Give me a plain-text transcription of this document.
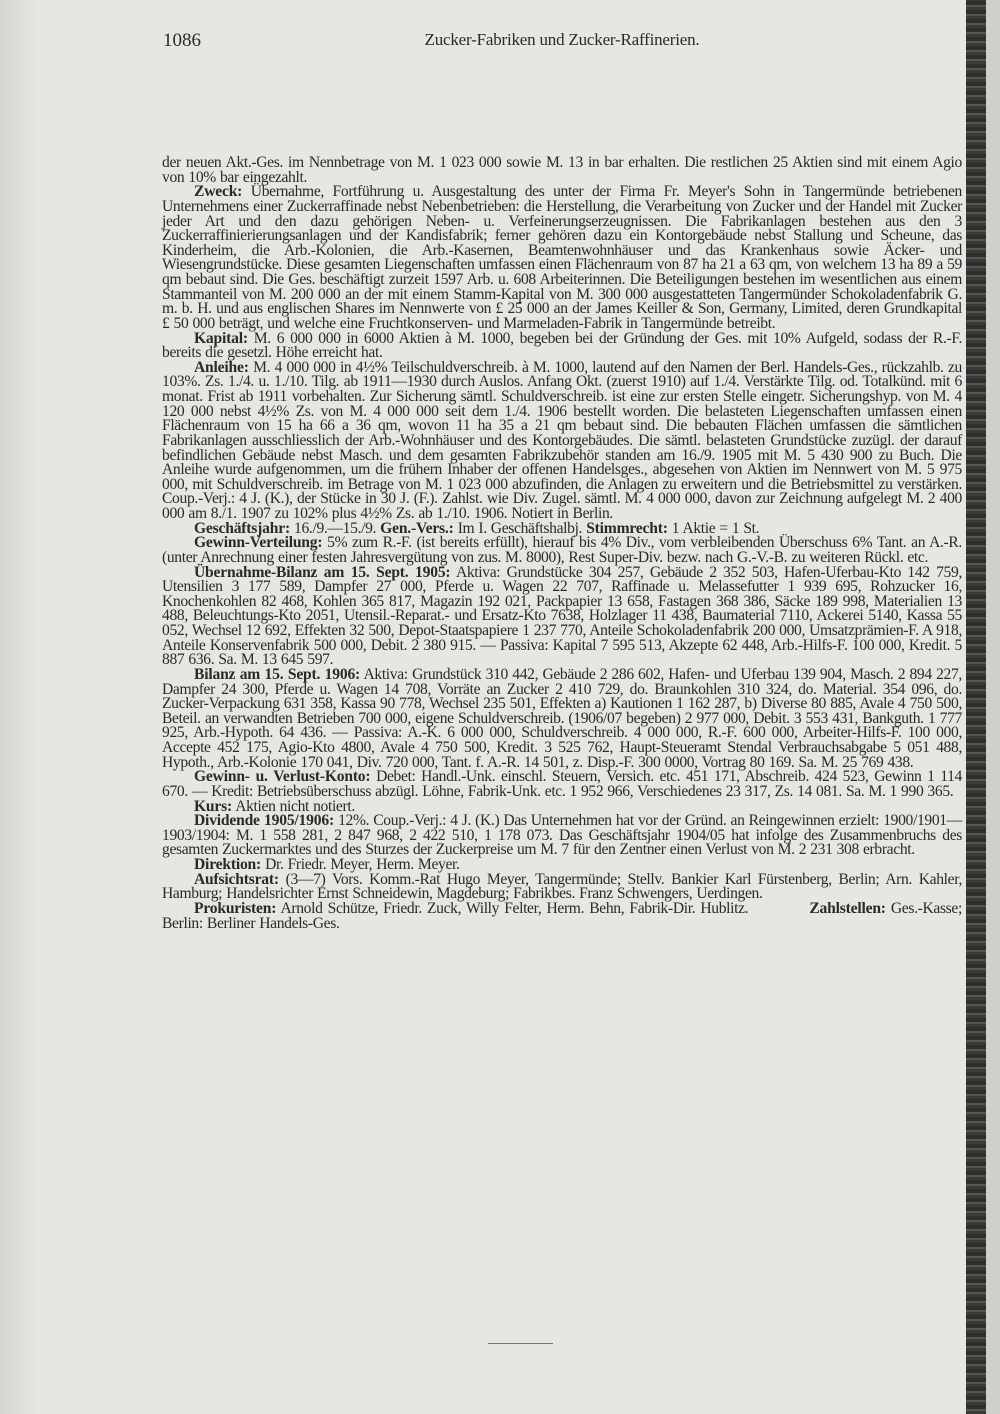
1086	Zucker-Fabriken und Zucker-Raffinerien.

der neuen Akt.-Ges. im Nennbetrage von M. 1 023 000 sowie M. 13 in bar erhalten. Die restlichen 25 Aktien sind mit einem Agio von 10% bar eingezahlt.

Zweck: Übernahme, Fortführung u. Ausgestaltung des unter der Firma Fr. Meyer's Sohn in Tangermünde betriebenen Unternehmens einer Zuckerraffinade nebst Nebenbetrieben: die Herstellung, die Verarbeitung von Zucker und der Handel mit Zucker jeder Art und den dazu gehörigen Neben- u. Verfeinerungserzeugnissen. Die Fabrikanlagen bestehen aus den 3 Zuckerraffinierierungsanlagen und der Kandisfabrik; ferner gehören dazu ein Kontorgebäude nebst Stallung und Scheune, das Kinderheim, die Arb.-Kolonien, die Arb.-Kasernen, Beamtenwohnhäuser und das Krankenhaus sowie Äcker- und Wiesengrundstücke. Diese gesamten Liegenschaften umfassen einen Flächenraum von 87 ha 21 a 63 qm, von welchem 13 ha 89 a 59 qm bebaut sind. Die Ges. beschäftigt zurzeit 1597 Arb. u. 608 Arbeiterinnen. Die Beteiligungen bestehen im wesentlichen aus einem Stammanteil von M. 200 000 an der mit einem Stamm-Kapital von M. 300 000 ausgestatteten Tangermünder Schokoladenfabrik G. m. b. H. und aus englischen Shares im Nennwerte von £ 25 000 an der James Keiller & Son, Germany, Limited, deren Grundkapital £ 50 000 beträgt, und welche eine Fruchtkonserven- und Marmeladen-Fabrik in Tangermünde betreibt.

Kapital: M. 6 000 000 in 6000 Aktien à M. 1000, begeben bei der Gründung der Ges. mit 10% Aufgeld, sodass der R.-F. bereits die gesetzl. Höhe erreicht hat.

Anleihe: M. 4 000 000 in 4½% Teilschuldverschreib. à M. 1000, lautend auf den Namen der Berl. Handels-Ges., rückzahlb. zu 103%. Zs. 1./4. u. 1./10. Tilg. ab 1911—1930 durch Auslos. Anfang Okt. (zuerst 1910) auf 1./4. Verstärkte Tilg. od. Totalkünd. mit 6 monat. Frist ab 1911 vorbehalten. Zur Sicherung sämtl. Schuldverschreib. ist eine zur ersten Stelle eingetr. Sicherungshyp. von M. 4 120 000 nebst 4½% Zs. von M. 4 000 000 seit dem 1./4. 1906 bestellt worden. Die belasteten Liegenschaften umfassen einen Flächenraum von 15 ha 66 a 36 qm, wovon 11 ha 35 a 21 qm bebaut sind. Die bebauten Flächen umfassen die sämtlichen Fabrikanlagen ausschliesslich der Arb.-Wohnhäuser und des Kontorgebäudes. Die sämtl. belasteten Grundstücke zuzügl. der darauf befindlichen Gebäude nebst Masch. und dem gesamten Fabrikzubehör standen am 16./9. 1905 mit M. 5 430 900 zu Buch. Die Anleihe wurde aufgenommen, um die frühern Inhaber der offenen Handelsges., abgesehen von Aktien im Nennwert von M. 5 975 000, mit Schuldverschreib. im Betrage von M. 1 023 000 abzufinden, die Anlagen zu erweitern und die Betriebsmittel zu verstärken. Coup.-Verj.: 4 J. (K.), der Stücke in 30 J. (F.). Zahlst. wie Div. Zugel. sämtl. M. 4 000 000, davon zur Zeichnung aufgelegt M. 2 400 000 am 8./1. 1907 zu 102% plus 4½% Zs. ab 1./10. 1906. Notiert in Berlin.

Geschäftsjahr: 16./9.—15./9. Gen.-Vers.: Im I. Geschäftshalbj. Stimmrecht: 1 Aktie = 1 St.

Gewinn-Verteilung: 5% zum R.-F. (ist bereits erfüllt), hierauf bis 4% Div., vom verbleibenden Überschuss 6% Tant. an A.-R. (unter Anrechnung einer festen Jahresvergütung von zus. M. 8000), Rest Super-Div. bezw. nach G.-V.-B. zu weiteren Rückl. etc.

Übernahme-Bilanz am 15. Sept. 1905: Aktiva: Grundstücke 304 257, Gebäude 2 352 503, Hafen-Uferbau-Kto 142 759, Utensilien 3 177 589, Dampfer 27 000, Pferde u. Wagen 22 707, Raffinade u. Melassefutter 1 939 695, Rohzucker 16, Knochenkohlen 82 468, Kohlen 365 817, Magazin 192 021, Packpapier 13 658, Fastagen 368 386, Säcke 189 998, Materialien 13 488, Beleuchtungs-Kto 2051, Utensil.-Reparat.- und Ersatz-Kto 7638, Holzlager 11 438, Baumaterial 7110, Ackerei 5140, Kassa 55 052, Wechsel 12 692, Effekten 32 500, Depot-Staatspapiere 1 237 770, Anteile Schokoladenfabrik 200 000, Umsatzprämien-F. A 918, Anteile Konservenfabrik 500 000, Debit. 2 380 915. — Passiva: Kapital 7 595 513, Akzepte 62 448, Arb.-Hilfs-F. 100 000, Kredit. 5 887 636. Sa. M. 13 645 597.

Bilanz am 15. Sept. 1906: Aktiva: Grundstück 310 442, Gebäude 2 286 602, Hafen- und Uferbau 139 904, Masch. 2 894 227, Dampfer 24 300, Pferde u. Wagen 14 708, Vorräte an Zucker 2 410 729, do. Braunkohlen 310 324, do. Material. 354 096, do. Zucker-Verpackung 631 358, Kassa 90 778, Wechsel 235 501, Effekten a) Kautionen 1 162 287, b) Diverse 80 885, Avale 4 750 500, Beteil. an verwandten Betrieben 700 000, eigene Schuldverschreib. (1906/07 begeben) 2 977 000, Debit. 3 553 431, Bankguth. 1 777 925, Arb.-Hypoth. 64 436. — Passiva: A.-K. 6 000 000, Schuldverschreib. 4 000 000, R.-F. 600 000, Arbeiter-Hilfs-F. 100 000, Accepte 452 175, Agio-Kto 4800, Avale 4 750 500, Kredit. 3 525 762, Haupt-Steueramt Stendal Verbrauchsabgabe 5 051 488, Hypoth., Arb.-Kolonie 170 041, Div. 720 000, Tant. f. A.-R. 14 501, z. Disp.-F. 300 0000, Vortrag 80 169. Sa. M. 25 769 438.

Gewinn- u. Verlust-Konto: Debet: Handl.-Unk. einschl. Steuern, Versich. etc. 451 171, Abschreib. 424 523, Gewinn 1 114 670. — Kredit: Betriebsüberschuss abzügl. Löhne, Fabrik-Unk. etc. 1 952 966, Verschiedenes 23 317, Zs. 14 081. Sa. M. 1 990 365.

Kurs: Aktien nicht notiert.

Dividende 1905/1906: 12%. Coup.-Verj.: 4 J. (K.) Das Unternehmen hat vor der Gründ. an Reingewinnen erzielt: 1900/1901—1903/1904: M. 1 558 281, 2 847 968, 2 422 510, 1 178 073. Das Geschäftsjahr 1904/05 hat infolge des Zusammenbruchs des gesamten Zuckermarktes und des Sturzes der Zuckerpreise um M. 7 für den Zentner einen Verlust von M. 2 231 308 erbracht.

Direktion: Dr. Friedr. Meyer, Herm. Meyer.

Aufsichtsrat: (3—7) Vors. Komm.-Rat Hugo Meyer, Tangermünde; Stellv. Bankier Karl Fürstenberg, Berlin; Arn. Kahler, Hamburg; Handelsrichter Ernst Schneidewin, Magdeburg; Fabrikbes. Franz Schwengers, Uerdingen.

Prokuristen: Arnold Schütze, Friedr. Zuck, Willy Felter, Herm. Behn, Fabrik-Dir. Hublitz.	Zahlstellen: Ges.-Kasse; Berlin: Berliner Handels-Ges.
